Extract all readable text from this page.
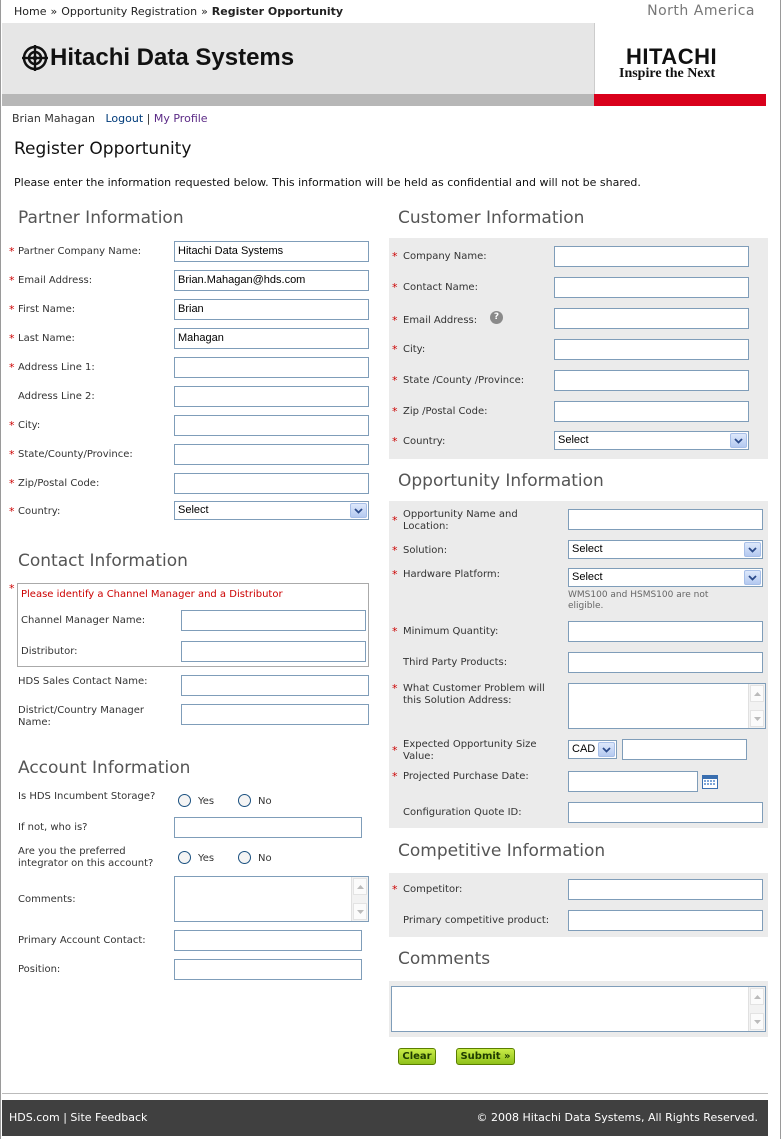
Home » Opportunity Registration » Register Opportunity	North America
Hitachi Data Systems	HITACHI
Inspire the Next
Brian Mahagan Logout | My Profile
Register Opportunity
Please enter the information requested below. This information will be held as confidential and will not be shared.
Partner Information
* Partner Company Name:	Hitachi Data Systems
* Email Address:	Brian.Mahagan@hds.com
* First Name:	Brian
* Last Name:	Mahagan
* Address Line 1:
Address Line 2:
* City:
* State/County/Province:
* Zip/Postal Code:
* Country:	Select
Contact Information
* Please identify a Channel Manager and a Distributor
Channel Manager Name:
Distributor:
HDS Sales Contact Name:
District/Country Manager Name:
Account Information
Is HDS Incumbent Storage?	Yes	No
If not, who is?
Are you the preferred integrator on this account?	Yes	No
Comments:
Primary Account Contact:
Position:
Customer Information
* Company Name:
* Contact Name:
* Email Address:	?
* City:
* State /County /Province:
* Zip /Postal Code:
* Country:	Select
Opportunity Information
* Opportunity Name and Location:
* Solution:	Select
* Hardware Platform:	Select
WMS100 and HSMS100 are not eligible.
* Minimum Quantity:
Third Party Products:
* What Customer Problem will this Solution Address:
* Expected Opportunity Size Value:
CAD
* Projected Purchase Date:
Configuration Quote ID:
Competitive Information
* Competitor:
Primary competitive product:
Comments
Clear	Submit »
HDS.com | Site Feedback	© 2008 Hitachi Data Systems, All Rights Reserved.
